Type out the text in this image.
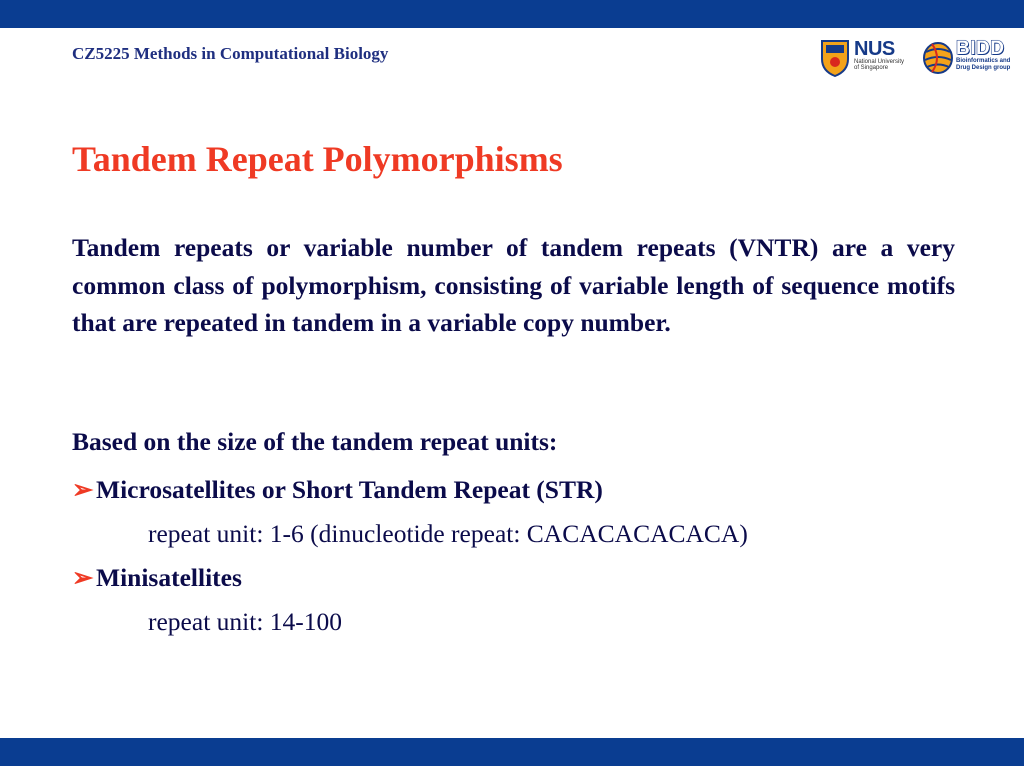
CZ5225 Methods in Computational Biology	NUS
National University of Singapore
BIDD
Bioinformatics and Drug Design group
Tandem Repeat Polymorphisms
Tandem repeats or variable number of tandem repeats (VNTR) are a very common class of polymorphism, consisting of variable length of sequence motifs that are repeated in tandem in a variable copy number.
Based on the size of the tandem repeat units:
➢ Microsatellites or Short Tandem Repeat (STR)
repeat unit: 1-6 (dinucleotide repeat: CACACACACACA)
➢ Minisatellites
repeat unit: 14-100
